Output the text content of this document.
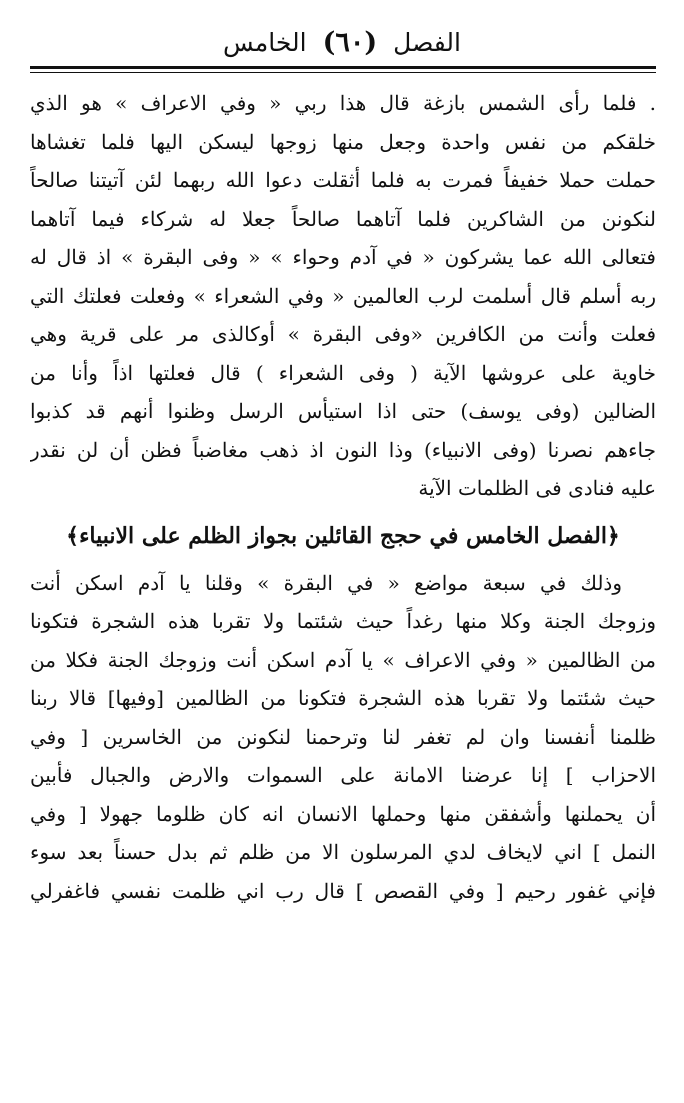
الفصل
(٦٠)
الخامس
. فلما رأى الشمس بازغة قال هذا ربي « وفي الاعراف » هو الذي
خلقكم من نفس واحدة وجعل منها زوجها ليسكن اليها فلما تغشاها
حملت حملا خفيفاً فمرت به فلما أثقلت دعوا الله ربهما لئن آتيتنا صالحاً
لنكونن من الشاكرين فلما آتاهما صالحاً جعلا له شركاء فيما آتاهما
فتعالى الله عما يشركون « في آدم وحواء » « وفى البقرة » اذ قال له
ربه أسلم قال أسلمت لرب العالمين « وفي الشعراء » وفعلت فعلتك التي
فعلت وأنت من الكافرين «وفى البقرة » أوكالذى مر على قرية وهي
خاوية على عروشها الآية ( وفى الشعراء ) قال فعلتها اذاً وأنا من
الضالين (وفى يوسف) حتى اذا استيأس الرسل وظنوا أنهم قد كذبوا
جاءهم نصرنا (وفى الانبياء) وذا النون اذ ذهب مغاضباً فظن أن لن نقدر
عليه فنادى فى الظلمات الآية
﴿الفصل الخامس في حجج القائلين بجواز الظلم على الانبياء﴾
وذلك في سبعة مواضع « في البقرة » وقلنا يا آدم اسكن أنت
وزوجك الجنة وكلا منها رغداً حيث شئتما ولا تقربا هذه الشجرة فتكونا
من الظالمين « وفي الاعراف » يا آدم اسكن أنت وزوجك الجنة فكلا من
حيث شئتما ولا تقربا هذه الشجرة فتكونا من الظالمين [وفيها] قالا ربنا
ظلمنا أنفسنا وان لم تغفر لنا وترحمنا لنكونن من الخاسرين [ وفي
الاحزاب ] إنا عرضنا الامانة على السموات والارض والجبال فأبين
أن يحملنها وأشفقن منها وحملها الانسان انه كان ظلوما جهولا [ وفي
النمل ] اني لايخاف لدي المرسلون الا من ظلم ثم بدل حسناً بعد سوء
فإني غفور رحيم [ وفي القصص ] قال رب اني ظلمت نفسي فاغفرلي
